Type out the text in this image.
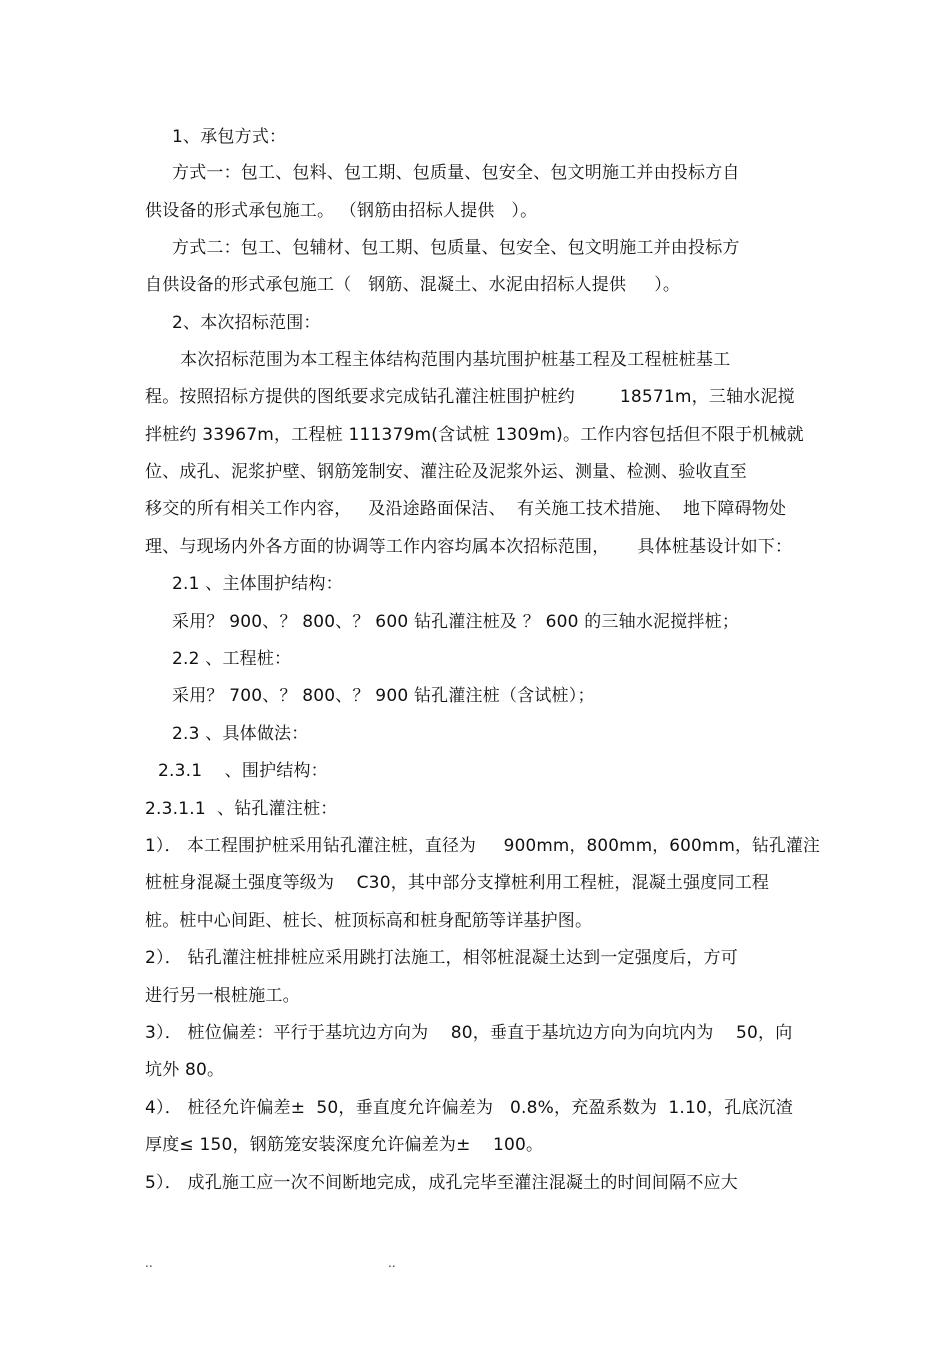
1、承包方式：
方式一：包工、包料、包工期、包质量、包安全、包文明施工并由投标方自
供设备的形式承包施工。 （钢筋由招标人提供   ）。
方式二：包工、包辅材、包工期、包质量、包安全、包文明施工并由投标方
自供设备的形式承包施工（   钢筋、混凝土、水泥由招标人提供     ）。
2、本次招标范围：
本次招标范围为本工程主体结构范围内基坑围护桩基工程及工程桩桩基工
程。按照招标方提供的图纸要求完成钻孔灌注桩围护桩约        18571m，三轴水泥搅
拌桩约 33967m，工程桩 111379m(含试桩 1309m)。工作内容包括但不限于机械就
位、成孔、泥浆护壁、钢筋笼制安、灌注砼及泥浆外运、测量、检测、验收直至
移交的所有相关工作内容，   及沿途路面保洁、  有关施工技术措施、  地下障碍物处
理、与现场内外各方面的协调等工作内容均属本次招标范围，     具体桩基设计如下：
2.1 、主体围护结构：
采用？ 900、？ 800、？ 600 钻孔灌注桩及 ？ 600 的三轴水泥搅拌桩；
2.2 、工程桩：
采用？ 700、？ 800、？ 900 钻孔灌注桩（含试桩）；
2.3 、具体做法：
2.3.1    、围护结构：
2.3.1.1  、钻孔灌注桩：
1）． 本工程围护桩采用钻孔灌注桩，直径为     900mm，800mm，600mm，钻孔灌注
桩桩身混凝土强度等级为    C30，其中部分支撑桩利用工程桩，混凝土强度同工程
桩。桩中心间距、桩长、桩顶标高和桩身配筋等详基护图。
2）． 钻孔灌注桩排桩应采用跳打法施工，相邻桩混凝土达到一定强度后，方可
进行另一根桩施工。
3）． 桩位偏差：平行于基坑边方向为    80，垂直于基坑边方向为向坑内为    50，向
坑外 80。
4）． 桩径允许偏差±  50，垂直度允许偏差为   0.8%，充盈系数为  1.10，孔底沉渣
厚度≤ 150，钢筋笼安装深度允许偏差为±    100。
5）． 成孔施工应一次不间断地完成，成孔完毕至灌注混凝土的时间间隔不应大
..	..
